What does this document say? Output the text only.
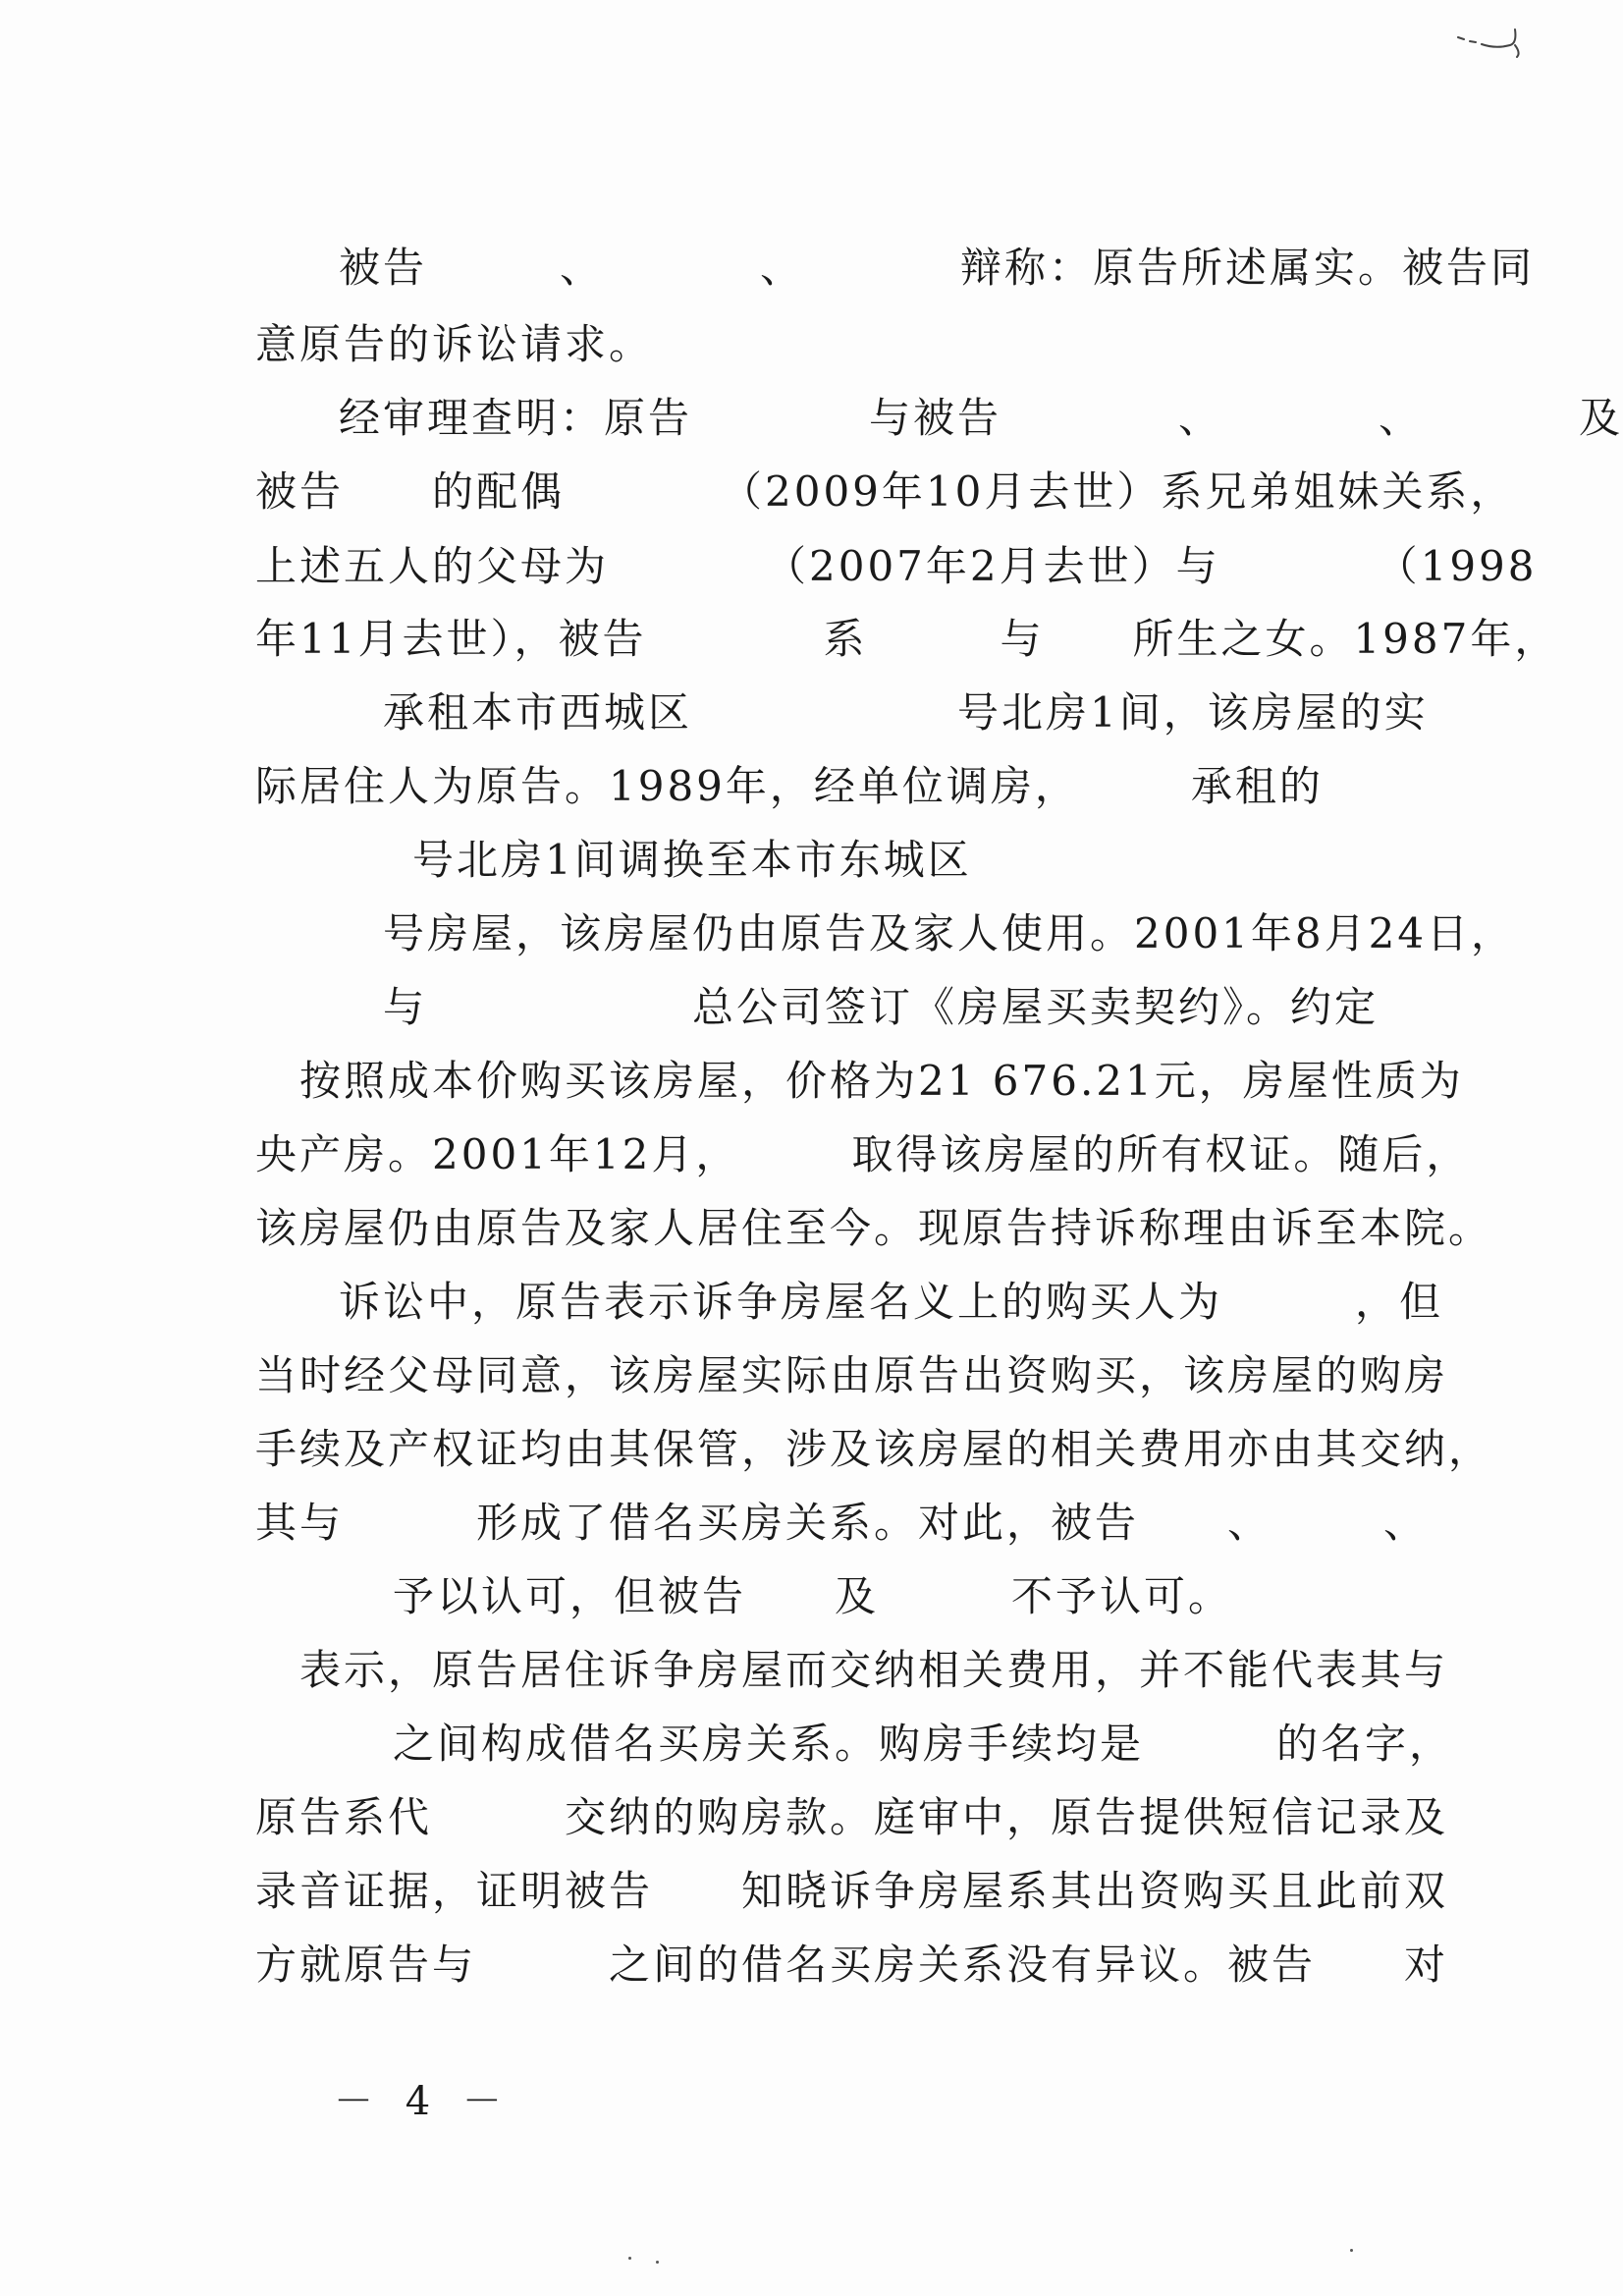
被告　　　、　　　　、　　　　辩称：原告所述属实。被告同
意原告的诉讼请求。
经审理查明：原告　　　　与被告　　　　、　　　　、　　　　及
被告　　的配偶　　　　（2009年10月去世）系兄弟姐妹关系，
上述五人的父母为　　　　（2007年2月去世）与　　　　（1998
年11月去世），被告　　　　系　　　与　　所生之女。1987年，
承租本市西城区　　　　　　号北房1间，该房屋的实
际居住人为原告。1989年，经单位调房，　　　承租的
号北房1间调换至本市东城区
号房屋，该房屋仍由原告及家人使用。2001年8月24日，
与　　　　　　总公司签订《房屋买卖契约》。约定
按照成本价购买该房屋，价格为21 676.21元，房屋性质为
央产房。2001年12月，　　　取得该房屋的所有权证。随后，
该房屋仍由原告及家人居住至今。现原告持诉称理由诉至本院。
诉讼中，原告表示诉争房屋名义上的购买人为　　　，但
当时经父母同意，该房屋实际由原告出资购买，该房屋的购房
手续及产权证均由其保管，涉及该房屋的相关费用亦由其交纳，
其与　　　形成了借名买房关系。对此，被告　　、　　　、
予以认可，但被告　　及　　　不予认可。
表示，原告居住诉争房屋而交纳相关费用，并不能代表其与
之间构成借名买房关系。购房手续均是　　　的名字，
原告系代　　　交纳的购房款。庭审中，原告提供短信记录及
录音证据，证明被告　　知晓诉争房屋系其出资购买且此前双
方就原告与　　　之间的借名买房关系没有异议。被告　　对
－ 4 －
